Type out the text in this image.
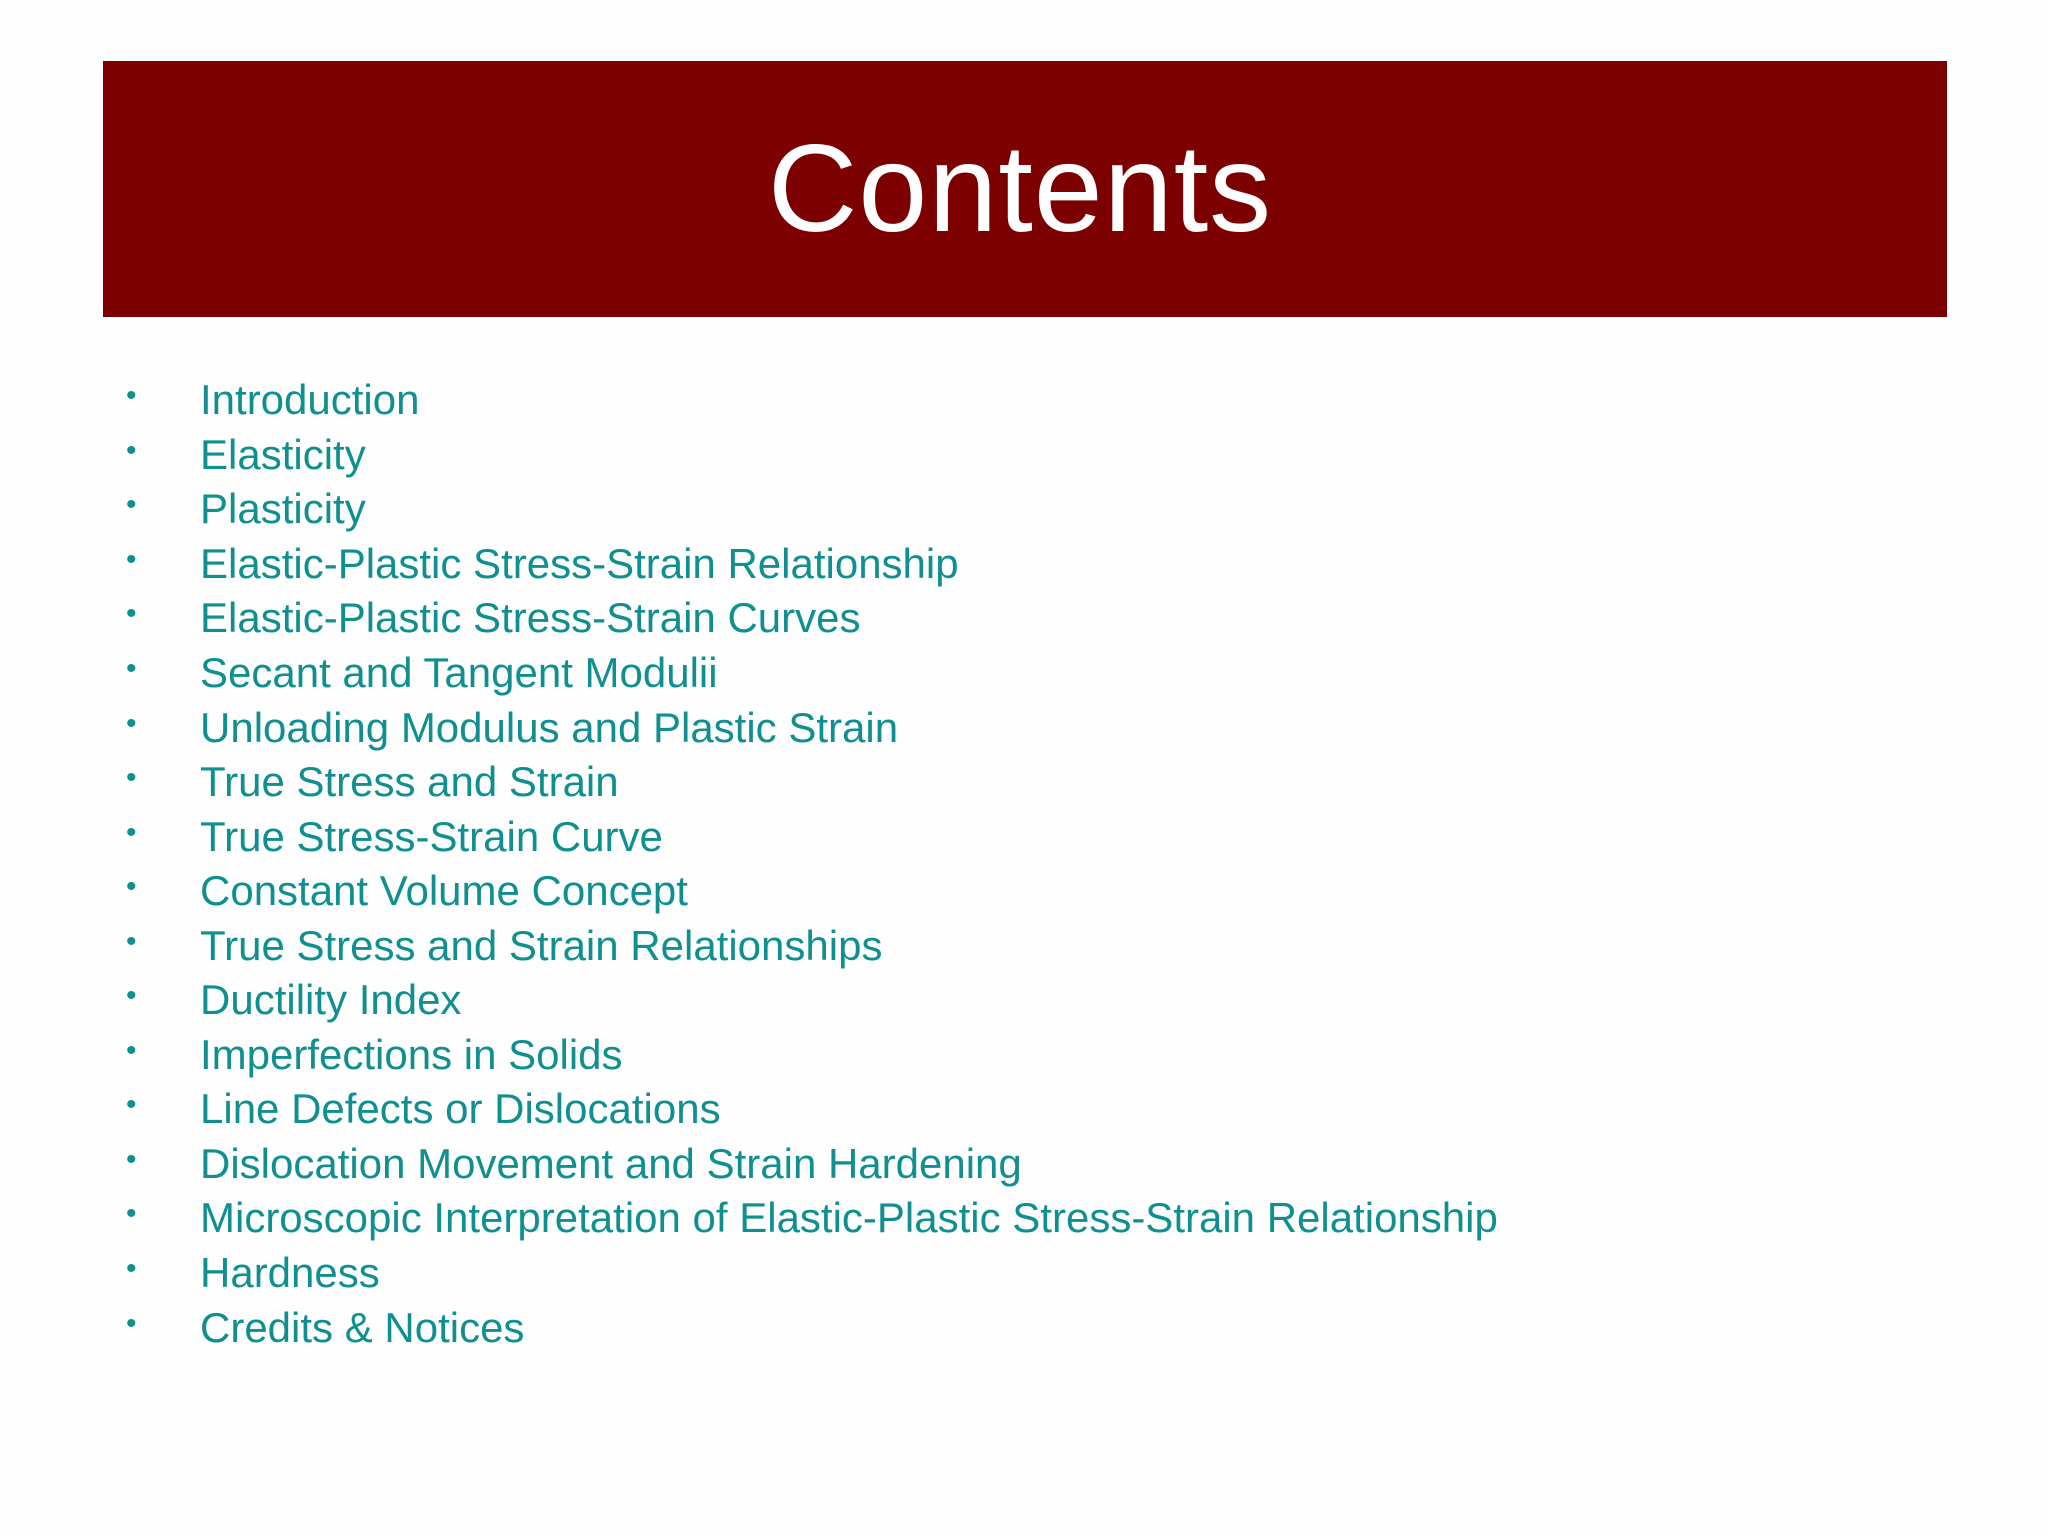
Contents
•	Introduction
•	Elasticity
•	Plasticity
•	Elastic-Plastic Stress-Strain Relationship
•	Elastic-Plastic Stress-Strain Curves
•	Secant and Tangent Modulii
•	Unloading Modulus and Plastic Strain
•	True Stress and Strain
•	True Stress-Strain Curve
•	Constant Volume Concept
•	True Stress and Strain Relationships
•	Ductility Index
•	Imperfections in Solids
•	Line Defects or Dislocations
•	Dislocation Movement and Strain Hardening
•	Microscopic Interpretation of Elastic-Plastic Stress-Strain Relationship
•	Hardness
•	Credits & Notices
